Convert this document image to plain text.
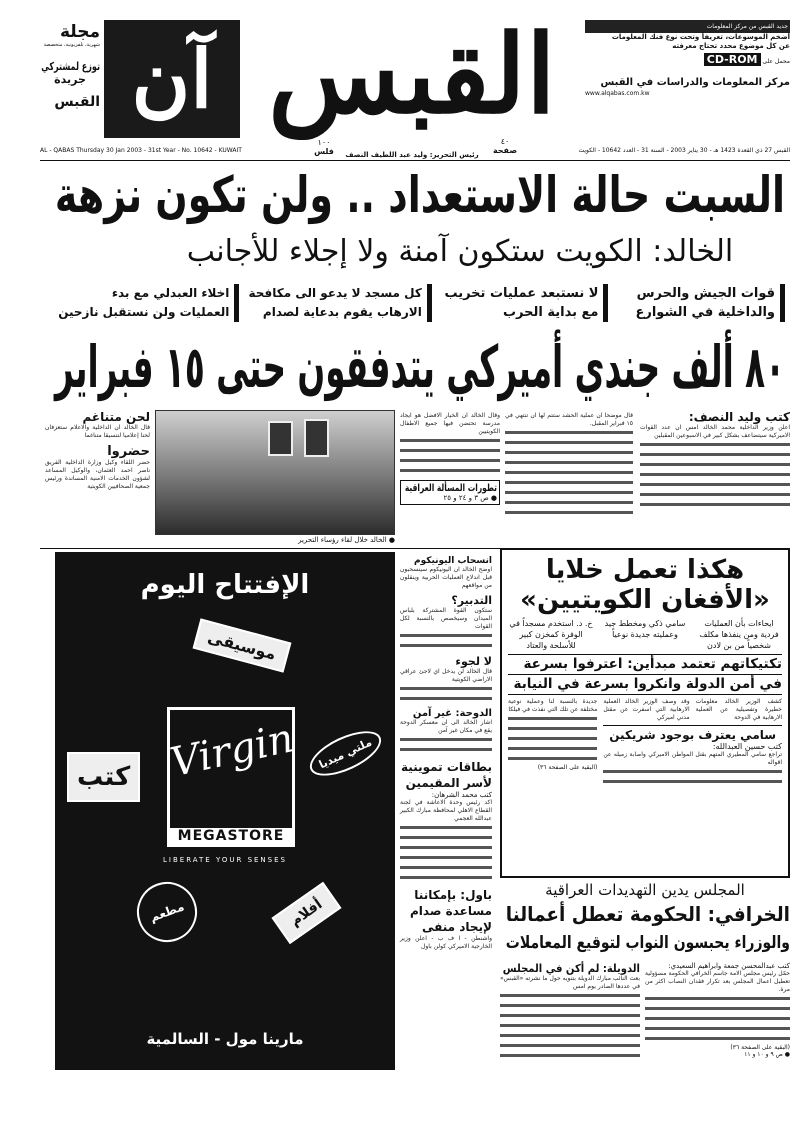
مجلة
شهرية، تلفزيونية، متخصصة
توزع لمشتركي
جريدة
القبس آن القبس	جديد القبس من مركز المعلومات
أضخم الموسوعات، تعريفاً وتحت نوع فنك المعلومات
عن كل موضوع محدد تحتاج معرفته
محمل على CD-ROM
مركز المعلومات والدراسات في القبس
www.alqabas.com.kw
AL - QABAS Thursday 30 Jan 2003 - 31st Year - No. 10642 - KUWAIT
١٠٠
فلس	رئيس التحرير: وليد عبد اللطيف النصف
٤٠
صفحة	القبس 27 ذي القعدة 1423 هـ - 30 يناير 2003 - السنة 31 - العدد 10642 - الكويت
السبت حالة الاستعداد .. ولن تكون نزهة
الخالد: الكويت ستكون آمنة ولا إجلاء للأجانب
قوات الجيش والحرس
والداخلية في الشوارع
لا نستبعد عمليات تخريب
مع بداية الحرب
كل مسجد لا يدعو الى مكافحة
الارهاب يقوم بدعاية لصدام
اخلاء العبدلي مع بدء
العمليات ولن نستقبل نازحين
٨٠ ألف جندي أميركي يتدفقون حتى ١٥ فبراير
كتب وليد النصف:
اعلن وزير الداخلية محمد الخالد امس ان عدد القوات الاميركية سيتضاعف بشكل كبير في الاسبوعين المقبلين
قال موضحا ان عملية الحشد ستتم لها ان تنتهي في ١٥ فبراير المقبل.
وقال الخالد ان الخيار الافضل هو ايجاد مدرسة تحتضن فيها جميع الاطفال الكويتيين
تطورات المسألة العراقية
● ص ٣ و ٢٤ و ٢٥
● الخالد خلال لقاء رؤساء التحرير
لحن متناغم
قال الخالد ان الداخلية والاعلام ستعزفان لحنا إعلاميا لتنسيقا متناغما
حضروا
حضر اللقاء وكيل وزارة الداخلية الفريق ناصر احمد العثمان، والوكيل المساعد لشؤون الخدمات الامنية المساندة ورئيس جمعية الصحافيين الكويتية
الإفتتاح اليوم
موسيقى
كتب
ملتي ميديا
مطعم	أفلام
Virgin
MEGASTORE
LIBERATE YOUR SENSES
مارينا مول - السالمية
انسحاب اليونيكوم
اوضح الخالد ان اليونيكوم سينسحبون قبل اندلاع العمليات الحربية وينقلون من مواقعهم
التدبير؟
ستكون القوة المشتركة بلباس الميدان وسيخصص بالنسبة لكل القوات
لا لجوء
قال الخالد لن يدخل اي لاجئ عراقي الاراضي الكويتية
الدوحة: غير آمن
اشار الخالد الى ان معسكر الدوحة يقع في مكان غير آمن
بطاقات تموينية لأسر المقيمين
كتب محمد الشرهان:
اكد رئيس وحدة الاعاشة في لجنة القطاع الاهلي لمحافظة مبارك الكبير عبدالله العجمي
باول: بإمكاننا مساعدة صدام لإيجاد منفى
واشنطن - ا ف ب - اعلن وزير الخارجية الاميركي كولن باول
هكذا تعمل خلايا
«الأفغان الكويتيين»
ايحاءات بأن العمليات فردية ومن ينفذها مكلف شخصياً من بن لادن
سامي ذكي ومخطط جيد وعمليته جديدة نوعياً
خ. د. استخدم مسجداً في الوفرة كمخزن كبير للأسلحة والعتاد
تكتيكاتهم تعتمد مبدأين: اعترفوا بسرعة
في أمن الدولة وانكروا بسرعة في النيابة
كشف الوزير الخالد معلومات خطيرة وتفصيلية عن العملية الارهابية في الدوحة
وقد وصف الوزير الخالد العملية الارهابية التي اسفرت عن مقتل مدني اميركي
سامي يعترف بوجود شريكين
كتب حسين العبدالله:
تراجع سامي المطيري المتهم بقتل المواطن الاميركي واصابة زميله عن اقواله
جديدة بالنسبة لنا وعملية نوعية مختلفة عن تلك التي نفذت في فيلكا
(البقية على الصفحة ٣٦)
المجلس يدين التهديدات العراقية
الخرافي: الحكومة تعطل أعمالنا
والوزراء يحبسون النواب لتوقيع المعاملات
كتب عبدالمحسن جمعة وابراهيم السعيدي:
حمّل رئيس مجلس الامة جاسم الخرافي الحكومة مسؤولية تعطيل اعمال المجلس بعد تكرار فقدان النصاب اكثر من مرة.
(البقية على الصفحة ٣٦)
● ص ٩ و ١٠ و ١١
الدويلة: لم أكن في المجلس
بعث النائب مبارك الدويلة بتنويه حول ما نشرته «القبس» في عددها الصادر يوم امس
